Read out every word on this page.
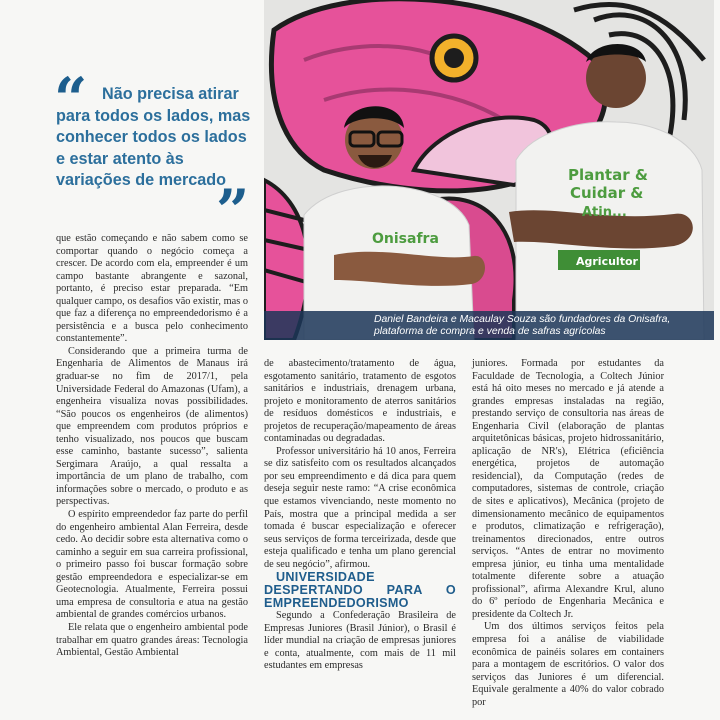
Plantar &
Cuidar &
Atin...
Agricultor
Onisafra
Daniel Bandeira e Macaulay Souza são fundadores da Onisafra, plataforma de compra e venda de safras agrícolas
“ Não precisa atirar para todos os lados, mas conhecer todos os lados e estar atento às variações de mercado
”

que estão começando e não sabem como se comportar quando o negócio começa a crescer. De acordo com ela, empreender é um campo bastante abrangente e sazonal, portanto, é preciso estar preparada. “Em qualquer campo, os desafios vão existir, mas o que faz a diferença no empreendedorismo é a persistência e a busca pelo conhecimento constantemente”.

Considerando que a primeira turma de Engenharia de Alimentos de Manaus irá graduar-se no fim de 2017/1, pela Universidade Federal do Amazonas (Ufam), a engenheira visualiza novas possibilidades. “São poucos os engenheiros (de alimentos) que empreendem com produtos próprios e tenho visualizado, nos poucos que buscam esse caminho, bastante sucesso”, salienta Sergimara Araújo, a qual ressalta a importância de um plano de trabalho, com informações sobre o mercado, o produto e as perspectivas.

O espírito empreendedor faz parte do perfil do engenheiro ambiental Alan Ferreira, desde cedo. Ao decidir sobre esta alternativa como o caminho a seguir em sua carreira profissional, o primeiro passo foi buscar formação sobre gestão empreendedora e especializar-se em Geotecnologia. Atualmente, Ferreira possui uma empresa de consultoria e atua na gestão ambiental de grandes comércios urbanos.

Ele relata que o engenheiro ambiental pode trabalhar em quatro grandes áreas: Tecnologia Ambiental, Gestão Ambiental

de abastecimento/tratamento de água, esgotamento sanitário, tratamento de esgotos sanitários e industriais, drenagem urbana, projeto e monitoramento de aterros sanitários de resíduos domésticos e industriais, e projetos de recuperação/mapeamento de áreas contaminadas ou degradadas.

Professor universitário há 10 anos, Ferreira se diz satisfeito com os resultados alcançados por seu empreendimento e dá dica para quem deseja seguir neste ramo: “A crise econômica que estamos vivenciando, neste momento no País, mostra que a principal medida a ser tomada é buscar especialização e oferecer seus serviços de forma terceirizada, desde que esteja qualificado e tenha um plano gerencial de seu negócio”, afirmou.

UNIVERSIDADE DESPERTANDO PARA O EMPREENDEDORISMO

Segundo a Confederação Brasileira de Empresas Juniores (Brasil Júnior), o Brasil é líder mundial na criação de empresas juniores e conta, atualmente, com mais de 11 mil estudantes em empresas

juniores. Formada por estudantes da Faculdade de Tecnologia, a Coltech Júnior está há oito meses no mercado e já atende a grandes empresas instaladas na região, prestando serviço de consultoria nas áreas de Engenharia Civil (elaboração de plantas arquitetônicas básicas, projeto hidrossanitário, aplicação de NR's), Elétrica (eficiência energética, projetos de automação residencial), da Computação (redes de computadores, sistemas de controle, criação de sites e aplicativos), Mecânica (projeto de dimensionamento mecânico de equipamentos e produtos, climatização e refrigeração), treinamentos direcionados, entre outros serviços. “Antes de entrar no movimento empresa júnior, eu tinha uma mentalidade totalmente diferente sobre a atuação profissional”, afirma Alexandre Krul, aluno do 6º período de Engenharia Mecânica e presidente da Coltech Jr.

Um dos últimos serviços feitos pela empresa foi a análise de viabilidade econômica de painéis solares em containers para a montagem de escritórios. O valor dos serviços das Juniores é um diferencial. Equivale geralmente a 40% do valor cobrado por
